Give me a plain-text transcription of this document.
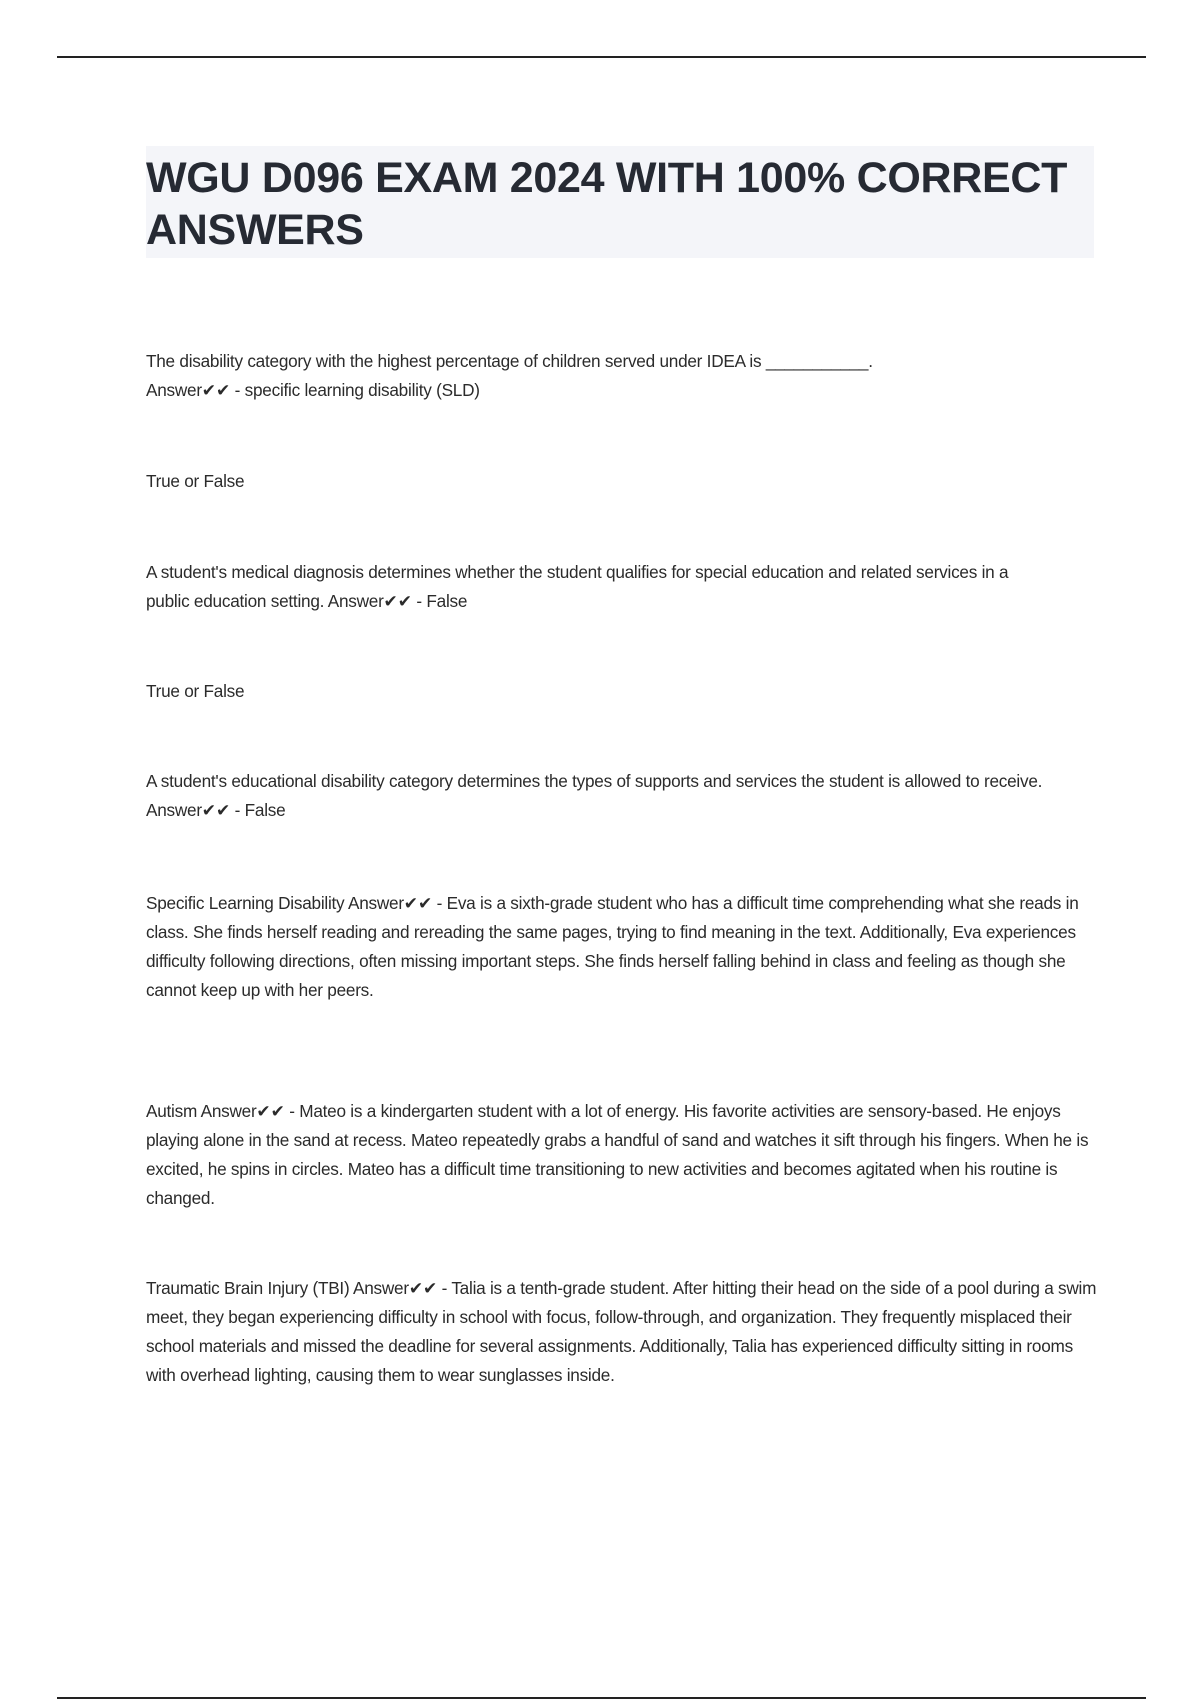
WGU D096 EXAM 2024 WITH 100% CORRECT ANSWERS

The disability category with the highest percentage of children served under IDEA is ___________.
Answer✔✔ - specific learning disability (SLD)

True or False

A student's medical diagnosis determines whether the student qualifies for special education and related services in a public education setting. Answer✔✔ - False

True or False

A student's educational disability category determines the types of supports and services the student is allowed to receive. Answer✔✔ - False

Specific Learning Disability Answer✔✔ - Eva is a sixth-grade student who has a difficult time comprehending what she reads in class. She finds herself reading and rereading the same pages, trying to find meaning in the text. Additionally, Eva experiences difficulty following directions, often missing important steps. She finds herself falling behind in class and feeling as though she cannot keep up with her peers.

Autism Answer✔✔ - Mateo is a kindergarten student with a lot of energy. His favorite activities are sensory-based. He enjoys playing alone in the sand at recess. Mateo repeatedly grabs a handful of sand and watches it sift through his fingers. When he is excited, he spins in circles. Mateo has a difficult time transitioning to new activities and becomes agitated when his routine is changed.

Traumatic Brain Injury (TBI) Answer✔✔ - Talia is a tenth-grade student. After hitting their head on the side of a pool during a swim meet, they began experiencing difficulty in school with focus, follow-through, and organization. They frequently misplaced their school materials and missed the deadline for several assignments. Additionally, Talia has experienced difficulty sitting in rooms with overhead lighting, causing them to wear sunglasses inside.
